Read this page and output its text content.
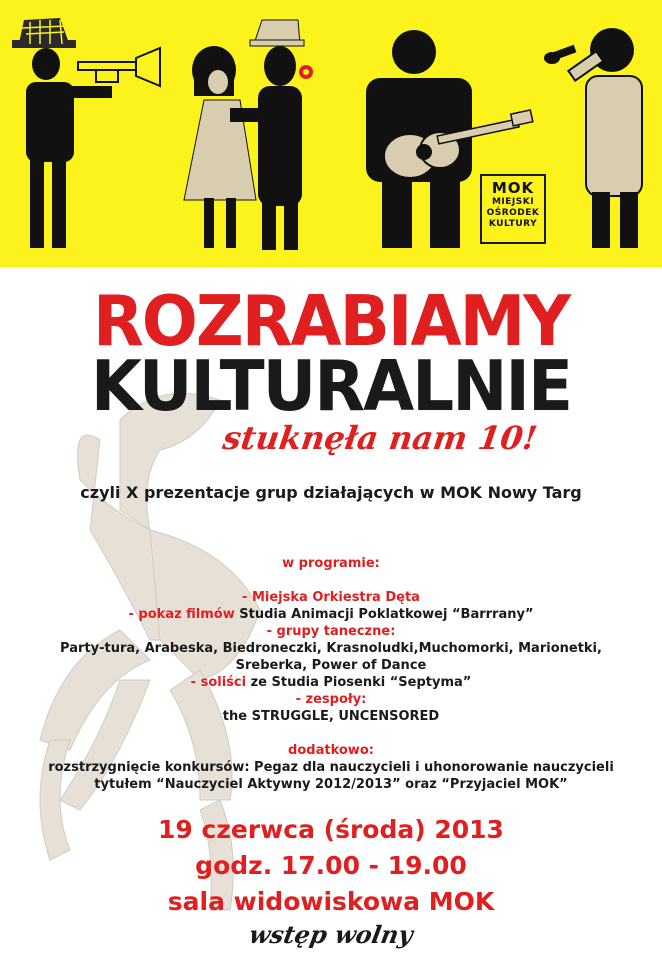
MOK
MIEJSKI
OŚRODEK
KULTURY
ROZRABIAMY
KULTURALNIE
stuknęła nam 10!
czyli X prezentacje grup działających w MOK Nowy Targ
w programie:
- Miejska Orkiestra Dęta
- pokaz filmów Studia Animacji Poklatkowej “Barrrany”
- grupy taneczne:
Party-tura, Arabeska, Biedroneczki, Krasnoludki,Muchomorki, Marionetki,
Sreberka, Power of Dance
- soliści ze Studia Piosenki “Septyma”
- zespoły:
the STRUGGLE, UNCENSORED
dodatkowo:
rozstrzygnięcie konkursów: Pegaz dla nauczycieli i uhonorowanie nauczycieli
tytułem “Nauczyciel Aktywny 2012/2013” oraz “Przyjaciel MOK”
19 czerwca (środa) 2013
godz. 17.00 - 19.00
sala widowiskowa MOK
wstęp wolny
